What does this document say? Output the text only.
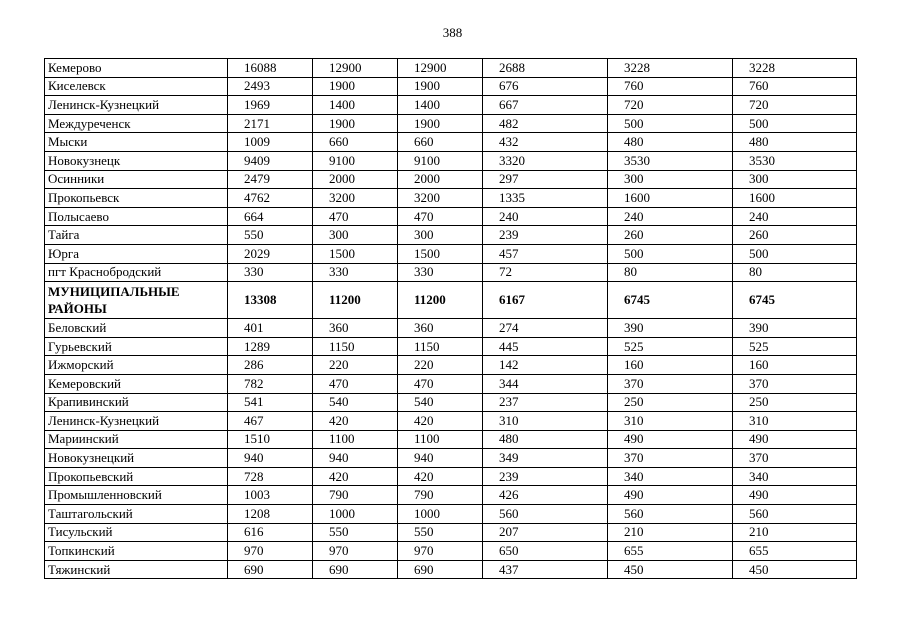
388
Кемерово	16088	12900	12900	2688	3228	3228
Киселевск	2493	1900	1900	676	760	760
Ленинск-Кузнецкий	1969	1400	1400	667	720	720
Междуреченск	2171	1900	1900	482	500	500
Мыски	1009	660	660	432	480	480
Новокузнецк	9409	9100	9100	3320	3530	3530
Осинники	2479	2000	2000	297	300	300
Прокопьевск	4762	3200	3200	1335	1600	1600
Полысаево	664	470	470	240	240	240
Тайга	550	300	300	239	260	260
Юрга	2029	1500	1500	457	500	500
пгт Краснобродский	330	330	330	72	80	80
МУНИЦИПАЛЬНЫЕ РАЙОНЫ	13308	11200	11200	6167	6745	6745
Беловский	401	360	360	274	390	390
Гурьевский	1289	1150	1150	445	525	525
Ижморский	286	220	220	142	160	160
Кемеровский	782	470	470	344	370	370
Крапивинский	541	540	540	237	250	250
Ленинск-Кузнецкий	467	420	420	310	310	310
Мариинский	1510	1100	1100	480	490	490
Новокузнецкий	940	940	940	349	370	370
Прокопьевский	728	420	420	239	340	340
Промышленновский	1003	790	790	426	490	490
Таштагольский	1208	1000	1000	560	560	560
Тисульский	616	550	550	207	210	210
Топкинский	970	970	970	650	655	655
Тяжинский	690	690	690	437	450	450
